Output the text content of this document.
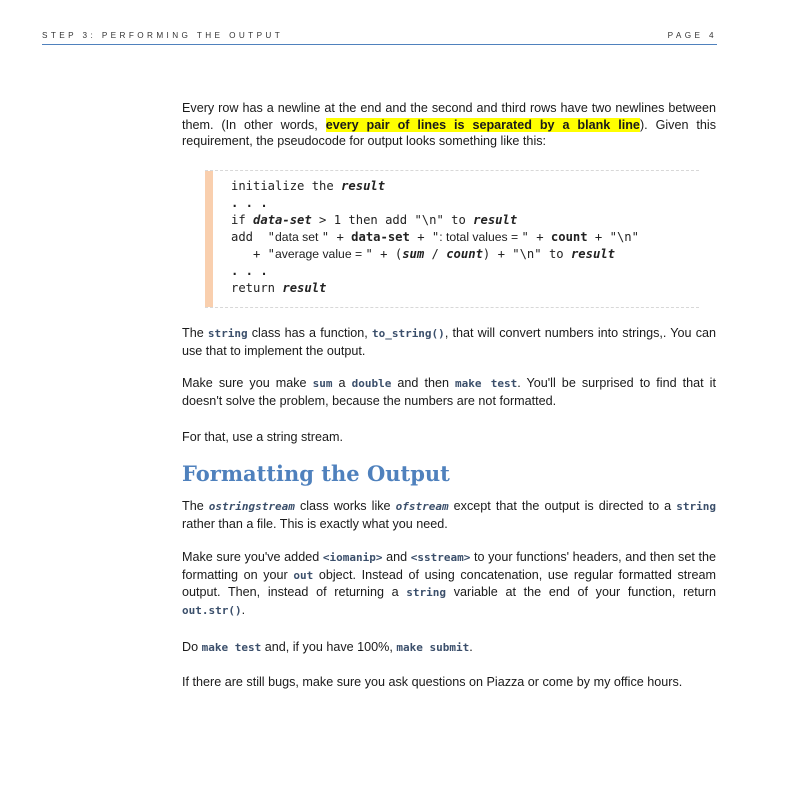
STEP 3: PERFORMING THE OUTPUT	PAGE 4

Every row has a newline at the end and the second and third rows have two newlines between them. (In other words, every pair of lines is separated by a blank line). Given this requirement, the pseudocode for output looks something like this:

initialize the result
. . .
if data-set > 1 then add "\n" to result
add  "data set " + data-set + ": total values = " + count + "\n"
+ "average value = " + (sum / count) + "\n" to result
. . .
return result

The string class has a function, to_string(), that will convert numbers into strings,. You can use that to implement the output.

Make sure you make sum a double and then make test. You'll be surprised to find that it doesn't solve the problem, because the numbers are not formatted.

For that, use a string stream.

Formatting the Output

The ostringstream class works like ofstream except that the output is directed to a string rather than a file. This is exactly what you need.

Make sure you've added <iomanip> and <sstream> to your functions' headers, and then set the formatting on your out object. Instead of using concatenation, use regular formatted stream output. Then, instead of returning a string variable at the end of your function, return out.str().

Do make test and, if you have 100%, make submit.

If there are still bugs, make sure you ask questions on Piazza or come by my office hours.
